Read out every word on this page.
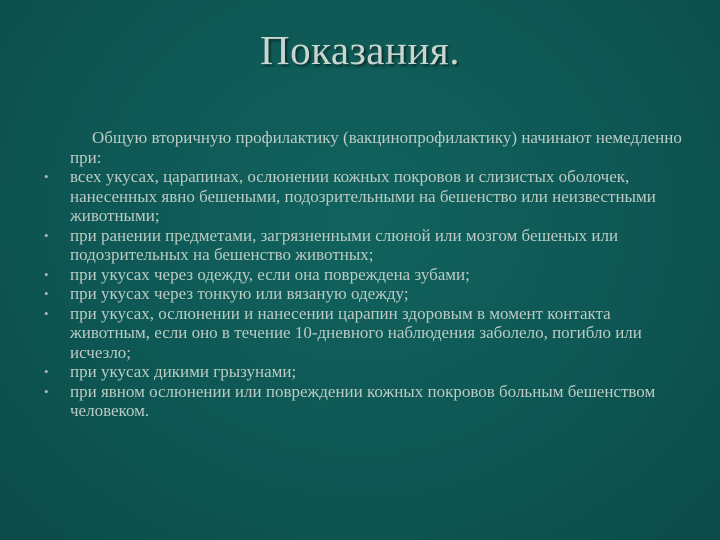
Показания.
Общую вторичную профилактику (вакцинопрофилактику) начинают немедленно при:
•	всех укусах, царапинах, ослюнении кожных покровов и слизистых оболочек, нанесенных явно бешеными, подозрительными на бешенство или неизвестными животными;
•	при ранении предметами, загрязненными слюной или мозгом бешеных или подозрительных на бешенство животных;
•	при укусах через одежду, если она повреждена зубами;
•	при укусах через тонкую или вязаную одежду;
•	при укусах, ослюнении и нанесении царапин здоровым в момент контакта животным, если оно в течение 10-дневного наблюдения заболело, погибло или исчезло;
•	при укусах дикими грызунами;
•	при явном ослюнении или повреждении кожных покровов больным бешенством человеком.
